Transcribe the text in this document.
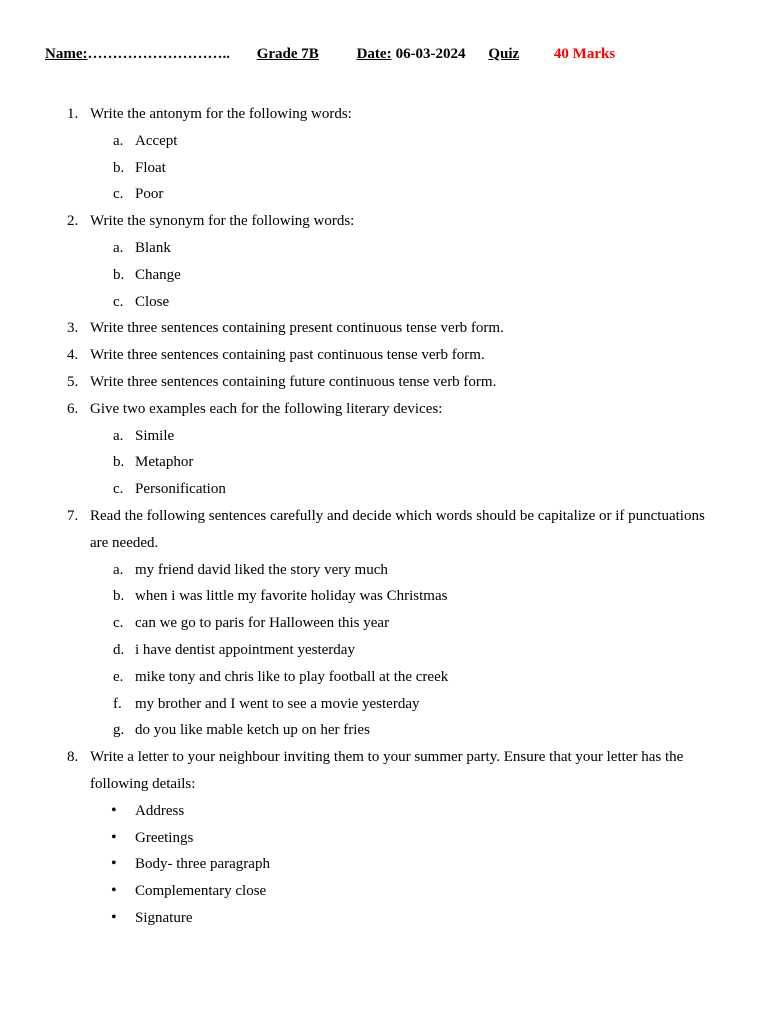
Name:……………………….. Grade 7B	Date: 06-03-2024 Quiz 40 Marks
1. Write the antonym for the following words:
a. Accept
b. Float
c. Poor
2. Write the synonym for the following words:
a. Blank
b. Change
c. Close
3. Write three sentences containing present continuous tense verb form.
4. Write three sentences containing past continuous tense verb form.
5. Write three sentences containing future continuous tense verb form.
6. Give two examples each for the following literary devices:
a. Simile
b. Metaphor
c. Personification
7. Read the following sentences carefully and decide which words should be capitalize or if punctuations are needed.
a. my friend david liked the story very much
b. when i was little my favorite holiday was Christmas
c. can we go to paris for Halloween this year
d. i have dentist appointment yesterday
e. mike tony and chris like to play football at the creek
f. my brother and I went to see a movie yesterday
g. do you like mable ketch up on her fries
8. Write a letter to your neighbour inviting them to your summer party. Ensure that your letter has the following details:
• Address
• Greetings
• Body- three paragraph
• Complementary close
• Signature
